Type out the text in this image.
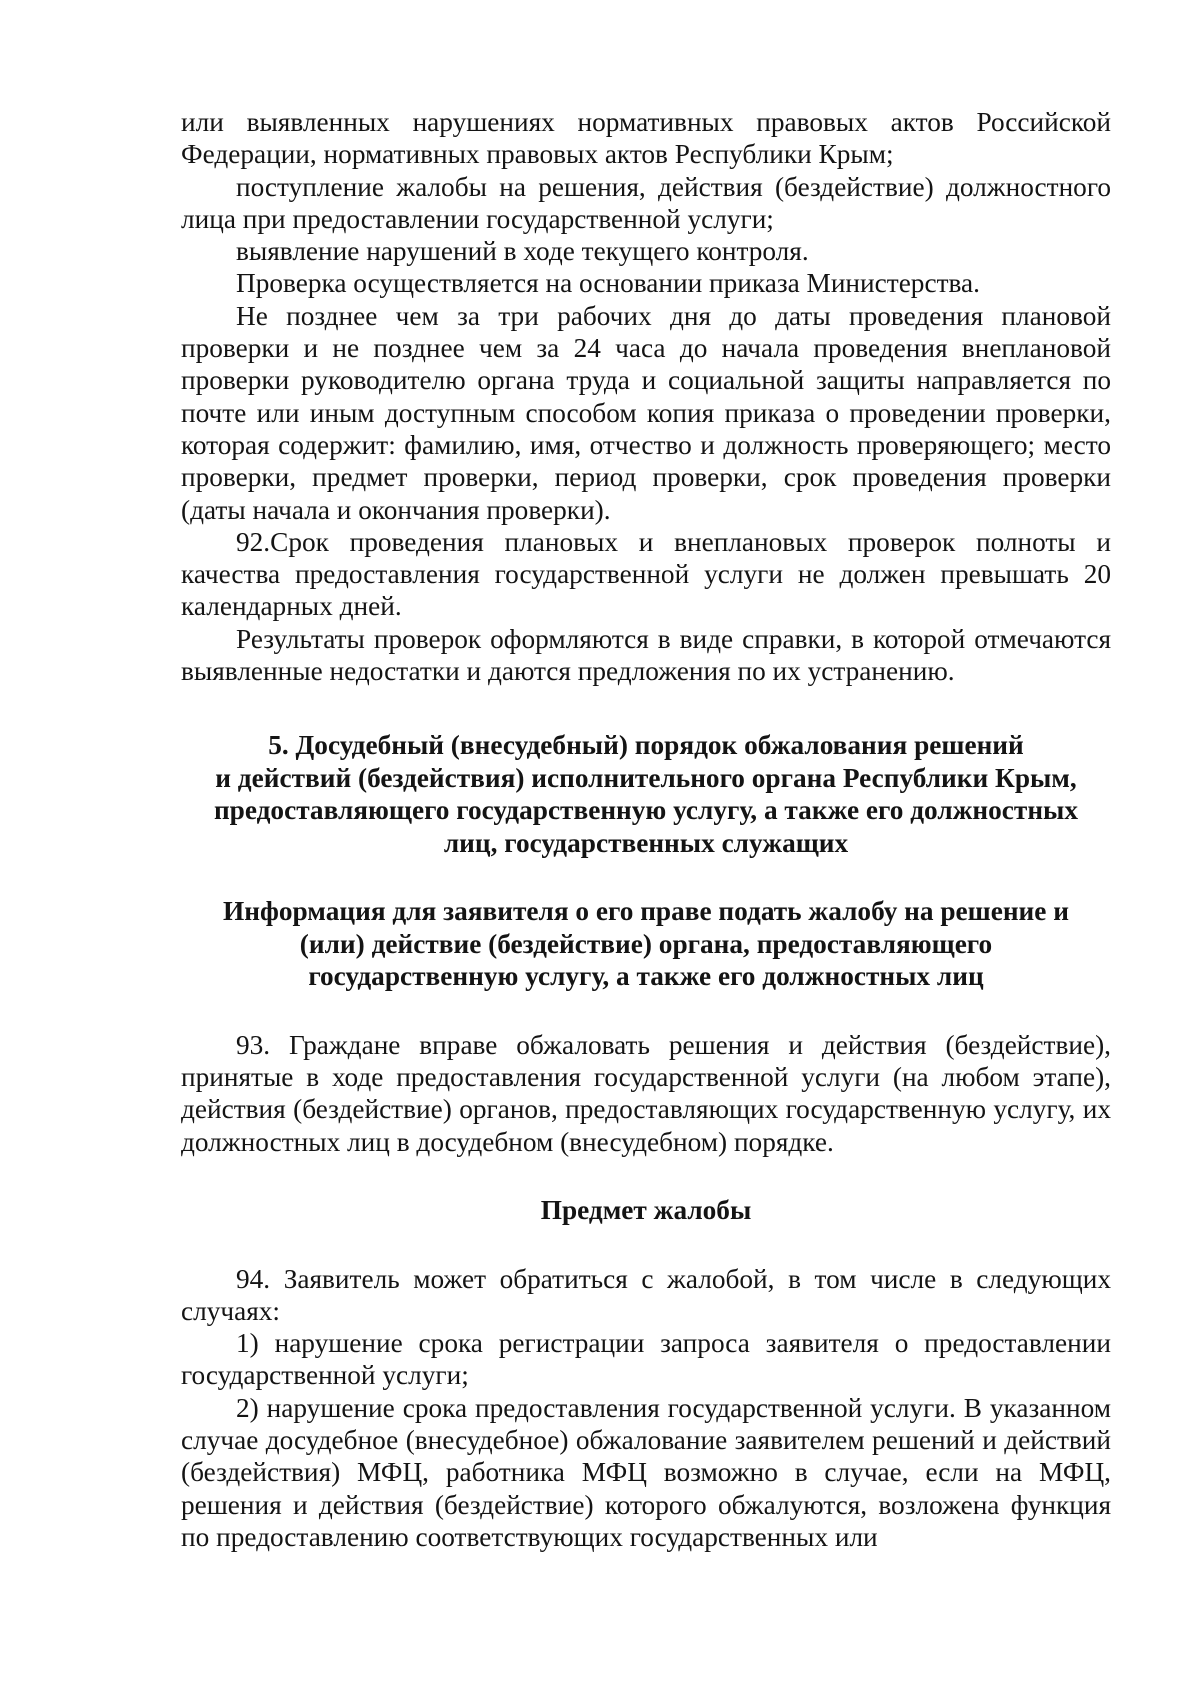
или выявленных нарушениях нормативных правовых актов Российской Федерации, нормативных правовых актов Республики Крым;

поступление жалобы на решения, действия (бездействие) должностного лица при предоставлении государственной услуги;

выявление нарушений в ходе текущего контроля.

Проверка осуществляется на основании приказа Министерства.

Не позднее чем за три рабочих дня до даты проведения плановой проверки и не позднее чем за 24 часа до начала проведения внеплановой проверки руководителю органа труда и социальной защиты направляется по почте или иным доступным способом копия приказа о проведении проверки, которая содержит: фамилию, имя, отчество и должность проверяющего; место проверки, предмет проверки, период проверки, срок проведения проверки (даты начала и окончания проверки).

92.Срок проведения плановых и внеплановых проверок полноты и качества предоставления государственной услуги не должен превышать 20 календарных дней.

Результаты проверок оформляются в виде справки, в которой отмечаются выявленные недостатки и даются предложения по их устранению.

5. Досудебный (внесудебный) порядок обжалования решений
и действий (бездействия) исполнительного органа Республики Крым,
предоставляющего государственную услугу, а также его должностных
лиц, государственных служащих
Информация для заявителя о его праве подать жалобу на решение и
(или) действие (бездействие) органа, предоставляющего
государственную услугу, а также его должностных лиц

93. Граждане вправе обжаловать решения и действия (бездействие), принятые в ходе предоставления государственной услуги (на любом этапе), действия (бездействие) органов, предоставляющих государственную услугу, их должностных лиц в досудебном (внесудебном) порядке.

Предмет жалобы

94. Заявитель может обратиться с жалобой, в том числе в следующих случаях:

1) нарушение срока регистрации запроса заявителя о предоставлении государственной услуги;

2) нарушение срока предоставления государственной услуги. В указанном случае досудебное (внесудебное) обжалование заявителем решений и действий (бездействия) МФЦ, работника МФЦ возможно в случае, если на МФЦ, решения и действия (бездействие) которого обжалуются, возложена функция по предоставлению соответствующих государственных или
